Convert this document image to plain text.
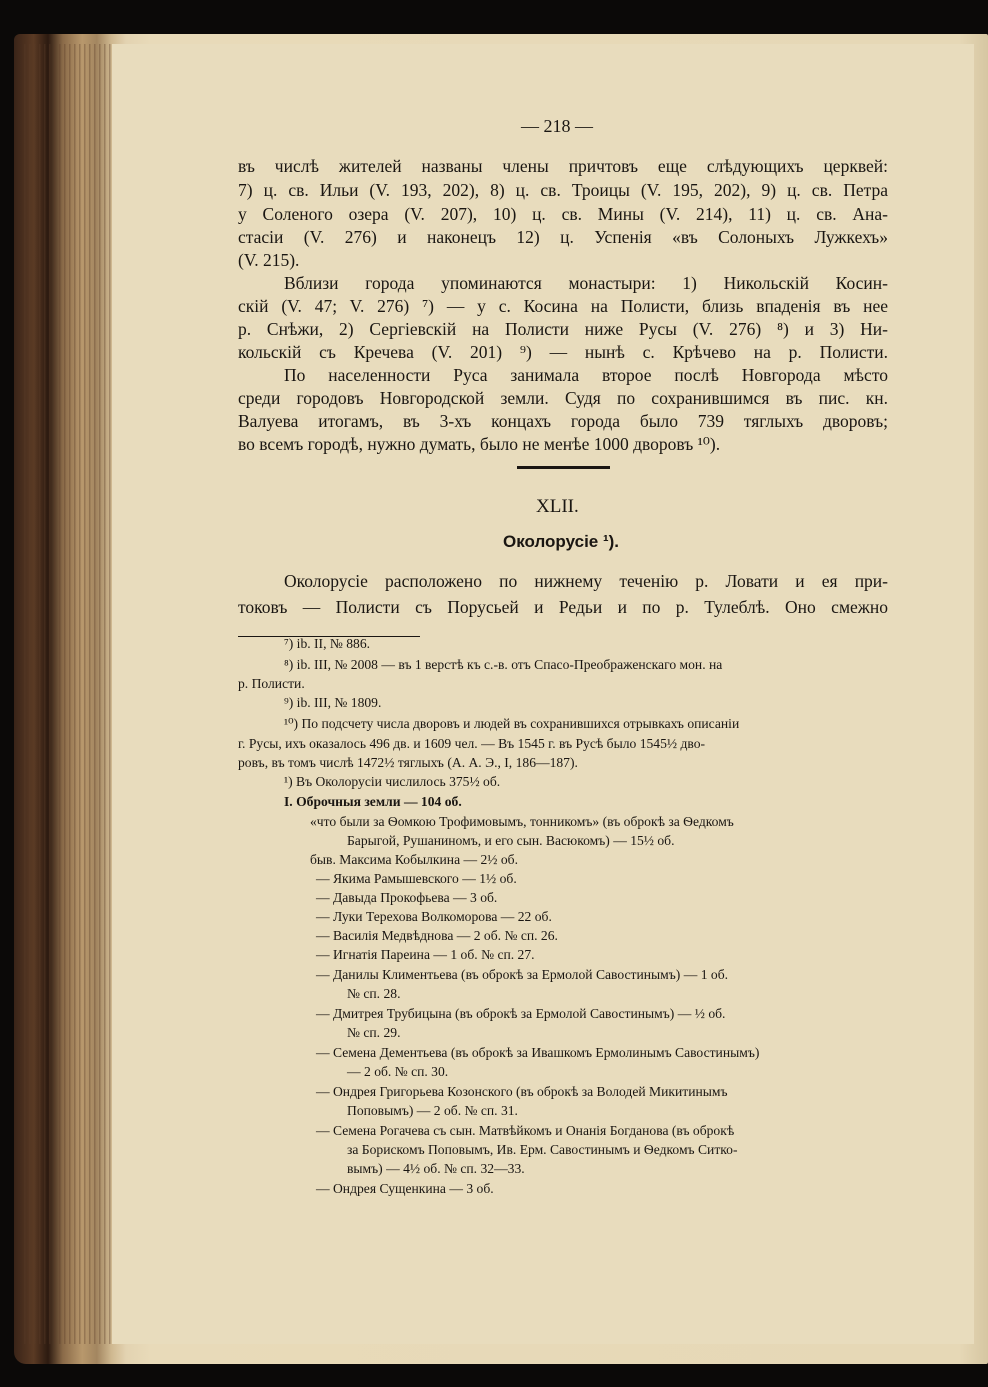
— 218 —
въ числѣ жителей названы члены причтовъ еще слѣдующихъ церквей:
7) ц. св. Ильи (V. 193, 202), 8) ц. св. Троицы (V. 195, 202), 9) ц. св. Петра
у Соленого озера (V. 207), 10) ц. св. Мины (V. 214), 11) ц. св. Ана-
стасіи (V. 276) и наконецъ 12) ц. Успенія «въ Солоныхъ Лужкехъ»
(V. 215).
Вблизи города упоминаются монастыри: 1) Никольскій Косин-
скій (V. 47; V. 276) ⁷) — у с. Косина на Полисти, близь впаденія въ нее
р. Снѣжи, 2) Сергіевскій на Полисти ниже Русы (V. 276) ⁸) и 3) Ни-
кольскій съ Кречева (V. 201) ⁹) — нынѣ с. Крѣчево на р. Полисти.
По населенности Руса занимала второе послѣ Новгорода мѣсто
среди городовъ Новгородской земли. Судя по сохранившимся въ пис. кн.
Валуева итогамъ, въ 3-хъ концахъ города было 739 тяглыхъ дворовъ;
во всемъ городѣ, нужно думать, было не менѣе 1000 дворовъ ¹⁰).
XLII.
Околорусіе ¹).
Околорусіе расположено по нижнему теченію р. Ловати и ея при-
токовъ — Полисти съ Порусьей и Редьи и по р. Тулеблѣ. Оно смежно
⁷) ib. II, № 886.
⁸) ib. III, № 2008 — въ 1 верстѣ къ с.-в. отъ Спасо-Преображенскаго мон. на
р. Полисти.
⁹) ib. III, № 1809.
¹⁰) По подсчету числа дворовъ и людей въ сохранившихся отрывкахъ описаніи
г. Русы, ихъ оказалось 496 дв. и 1609 чел. — Въ 1545 г. въ Русѣ было 1545½ дво-
ровъ, въ томъ числѣ 1472½ тяглыхъ (А. А. Э., I, 186—187).
¹) Въ Околорусіи числилось 375½ об.
I. Оброчныя земли — 104 об.
«что были за Ѳомкою Трофимовымъ, тонникомъ» (въ оброкѣ за Ѳедкомъ
Барыгой, Рушаниномъ, и его сын. Васюкомъ) — 15½ об.
быв. Максима Кобылкина — 2½ об.
— Якима Рамышевского — 1½ об.
— Давыда Прокофьева — 3 об.
— Луки Терехова Волкоморова — 22 об.
— Василія Медвѣднова — 2 об. № сп. 26.
— Игнатія Пареина — 1 об. № сп. 27.
— Данилы Климентьева (въ оброкѣ за Ермолой Савостинымъ) — 1 об.
№ сп. 28.
— Дмитрея Трубицына (въ оброкѣ за Ермолой Савостинымъ) — ½ об.
№ сп. 29.
— Семена Дементьева (въ оброкѣ за Ивашкомъ Ермолинымъ Савостинымъ)
— 2 об. № сп. 30.
— Ондрея Григорьева Козонского (въ оброкѣ за Володей Микитинымъ
Поповымъ) — 2 об. № сп. 31.
— Семена Рогачева съ сын. Матвѣйкомъ и Онанія Богданова (въ оброкѣ
за Борискомъ Поповымъ, Ив. Ерм. Савостинымъ и Ѳедкомъ Ситко-
вымъ) — 4½ об. № сп. 32—33.
— Ондрея Сущенкина — 3 об.
